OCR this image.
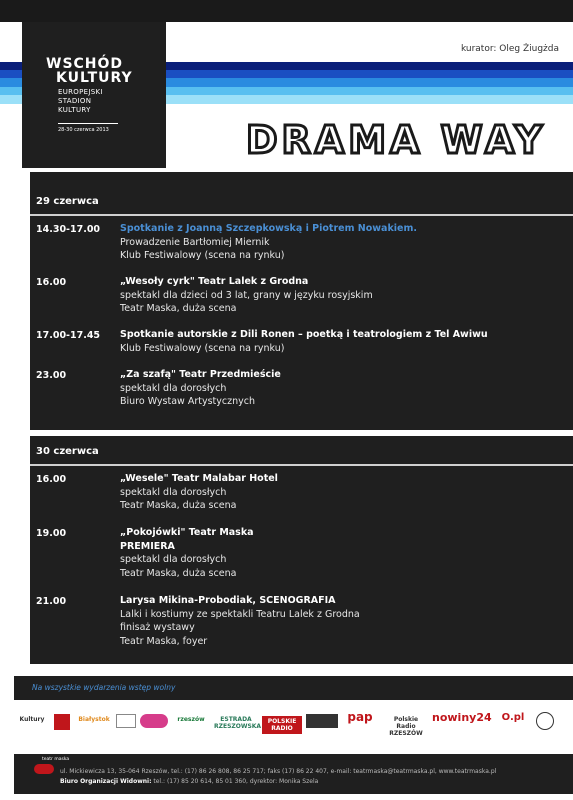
WSCHÓD
KULTURY
EUROPEJSKI
STADION
KULTURY
28-30 czerwca 2013
kurator: Oleg Żiugżda
DRAMA WAY
29 czerwca
14.30-17.00 Spotkanie z Joanną Szczepkowską i Piotrem Nowakiem.
Prowadzenie Bartłomiej Miernik
Klub Festiwalowy (scena na rynku)
16.00	„Wesoły cyrk" Teatr Lalek z Grodna
spektakl dla dzieci od 3 lat, grany w języku rosyjskim
Teatr Maska, duża scena
17.00-17.45 Spotkanie autorskie z Dili Ronen – poetką i teatrologiem z Tel Awiwu
Klub Festiwalowy (scena na rynku)
23.00	„Za szafą" Teatr Przedmieście
spektakl dla dorosłych
Biuro Wystaw Artystycznych
30 czerwca
16.00	„Wesele" Teatr Malabar Hotel
spektakl dla dorosłych
Teatr Maska, duża scena
19.00	„Pokojówki" Teatr Maska
PREMIERA
spektakl dla dorosłych
Teatr Maska, duża scena
21.00	Larysa Mikina-Probodiak, SCENOGRAFIA
Lalki i kostiumy ze spektakli Teatru Lalek z Grodna
finisaż wystawy
Teatr Maska, foyer
Na wszystkie wydarzenia wstęp wolny
Kultury	Białystok	rzeszów	ESTRADA RZESZOWSKA
POLSKIE RADIO
pap	Polskie Radio RZESZÓW
nowiny24 O.pl
teatr maska
ul. Mickiewicza 13, 35-064 Rzeszów, tel.: (17) 86 26 808, 86 25 717; faks (17) 86 22 407, e-mail: teatrmaska@teatrmaska.pl, www.teatrmaska.pl
Biuro Organizacji Widowni: tel.: (17) 85 20 614, 85 01 360, dyrektor: Monika Szela
